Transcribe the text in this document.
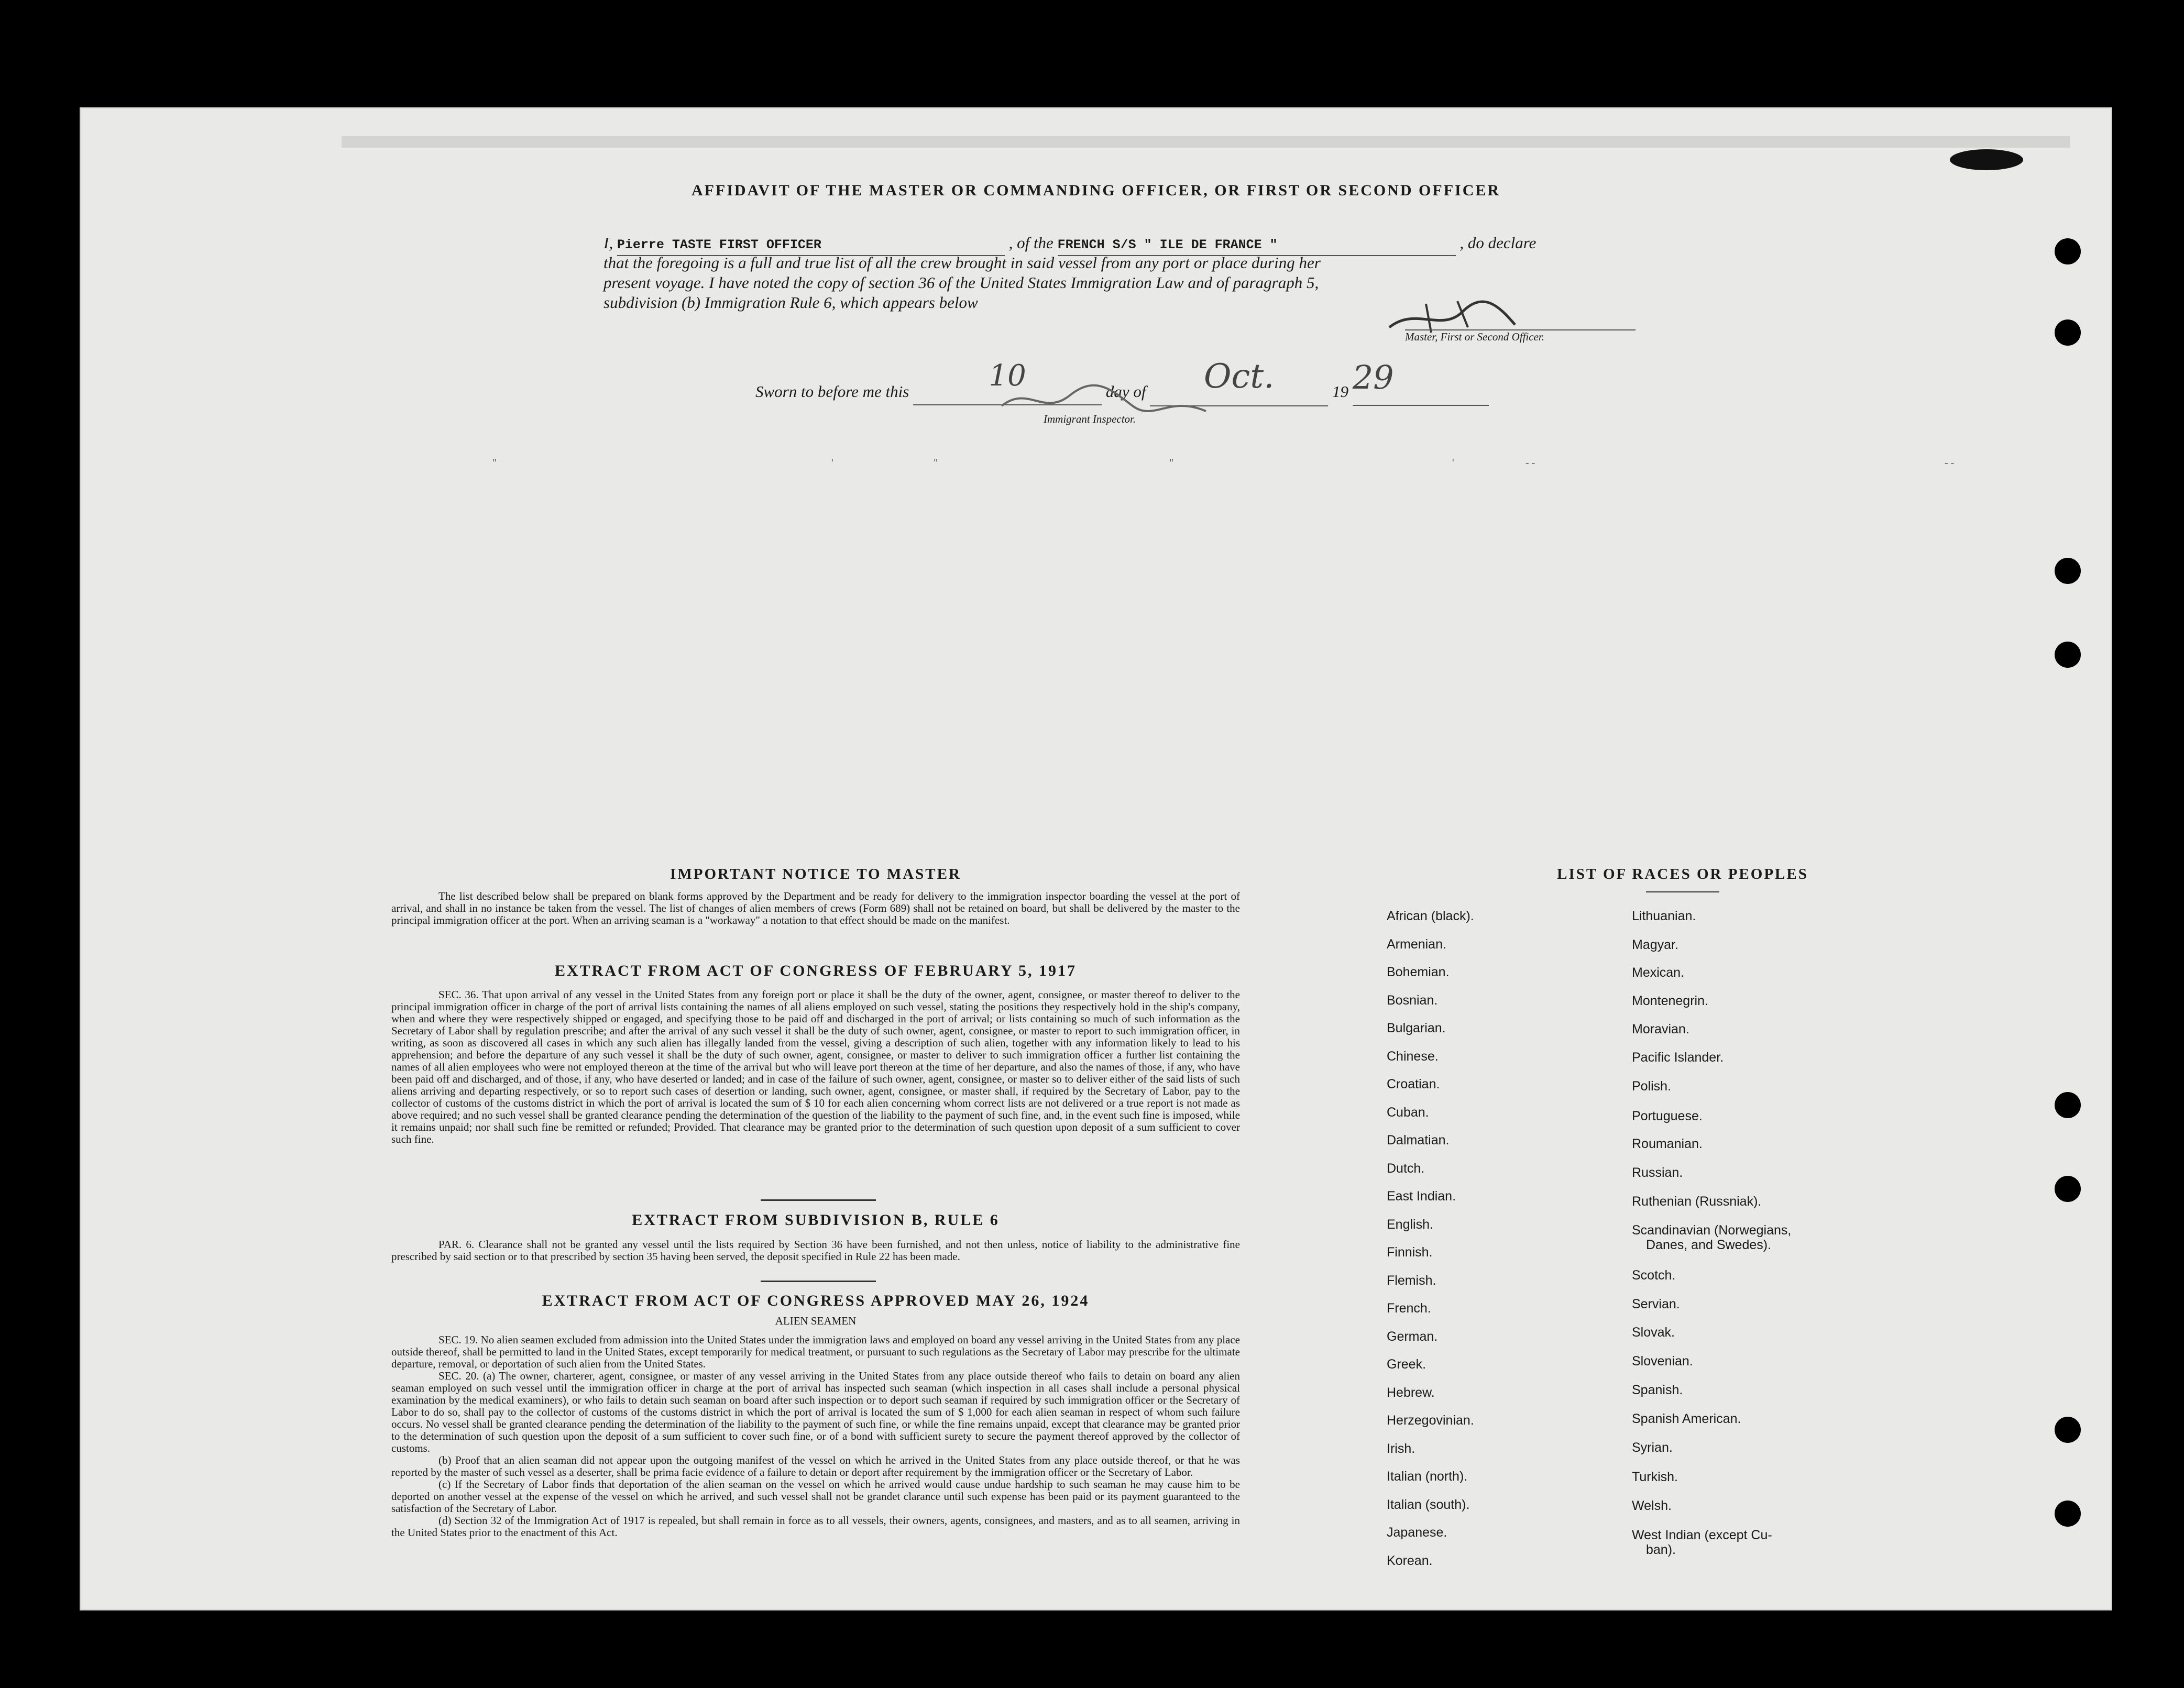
AFFIDAVIT OF THE MASTER OR COMMANDING OFFICER, OR FIRST OR SECOND OFFICER
I, Pierre TASTE FIRST OFFICER	, of the FRENCH S/S " ILE DE FRANCE "	, do declare
that the foregoing is a full and true list of all the crew brought in said vessel from any port or place during her
present voyage. I have noted the copy of section 36 of the United States Immigration Law and of paragraph 5,
subdivision (b) Immigration Rule 6, which appears below
Master, First or Second Officer.
Sworn to before me this	10	day of Oct.	19 29
Immigrant Inspector.
"	'	"	"	'	- -	- -
IMPORTANT NOTICE TO MASTER
The list described below shall be prepared on blank forms approved by the Department and be ready for delivery to the immigration inspector boarding the vessel at the port of arrival, and shall in no instance be taken from the vessel. The list of changes of alien members of crews (Form 689) shall not be retained on board, but shall be delivered by the master to the principal immigration officer at the port. When an arriving seaman is a "workaway" a notation to that effect should be made on the manifest.
EXTRACT FROM ACT OF CONGRESS OF FEBRUARY 5, 1917
SEC. 36. That upon arrival of any vessel in the United States from any foreign port or place it shall be the duty of the owner, agent, consignee, or master thereof to deliver to the principal immigration officer in charge of the port of arrival lists containing the names of all aliens employed on such vessel, stating the positions they respectively hold in the ship's company, when and where they were respectively shipped or engaged, and specifying those to be paid off and discharged in the port of arrival; or lists containing so much of such information as the Secretary of Labor shall by regulation prescribe; and after the arrival of any such vessel it shall be the duty of such owner, agent, consignee, or master to report to such immigration officer, in writing, as soon as discovered all cases in which any such alien has illegally landed from the vessel, giving a description of such alien, together with any information likely to lead to his apprehension; and before the departure of any such vessel it shall be the duty of such owner, agent, consignee, or master to deliver to such immigration officer a further list containing the names of all alien employees who were not employed thereon at the time of the arrival but who will leave port thereon at the time of her departure, and also the names of those, if any, who have been paid off and discharged, and of those, if any, who have deserted or landed; and in case of the failure of such owner, agent, consignee, or master so to deliver either of the said lists of such aliens arriving and departing respectively, or so to report such cases of desertion or landing, such owner, agent, consignee, or master shall, if required by the Secretary of Labor, pay to the collector of customs of the customs district in which the port of arrival is located the sum of $ 10 for each alien concerning whom correct lists are not delivered or a true report is not made as above required; and no such vessel shall be granted clearance pending the determination of the question of the liability to the payment of such fine, and, in the event such fine is imposed, while it remains unpaid; nor shall such fine be remitted or refunded; Provided. That clearance may be granted prior to the determination of such question upon deposit of a sum sufficient to cover such fine.
EXTRACT FROM SUBDIVISION B, RULE 6
PAR. 6. Clearance shall not be granted any vessel until the lists required by Section 36 have been furnished, and not then unless, notice of liability to the administrative fine prescribed by said section or to that prescribed by section 35 having been served, the deposit specified in Rule 22 has been made.
EXTRACT FROM ACT OF CONGRESS APPROVED MAY 26, 1924
ALIEN SEAMEN
SEC. 19. No alien seamen excluded from admission into the United States under the immigration laws and employed on board any vessel arriving in the United States from any place outside thereof, shall be permitted to land in the United States, except temporarily for medical treatment, or pursuant to such regulations as the Secretary of Labor may prescribe for the ultimate departure, removal, or deportation of such alien from the United States.
SEC. 20. (a) The owner, charterer, agent, consignee, or master of any vessel arriving in the United States from any place outside thereof who fails to detain on board any alien seaman employed on such vessel until the immigration officer in charge at the port of arrival has inspected such seaman (which inspection in all cases shall include a personal physical examination by the medical examiners), or who fails to detain such seaman on board after such inspection or to deport such seaman if required by such immigration officer or the Secretary of Labor to do so, shall pay to the collector of customs of the customs district in which the port of arrival is located the sum of $ 1,000 for each alien seaman in respect of whom such failure occurs. No vessel shall be granted clearance pending the determination of the liability to the payment of such fine, or while the fine remains unpaid, except that clearance may be granted prior to the determination of such question upon the deposit of a sum sufficient to cover such fine, or of a bond with sufficient surety to secure the payment thereof approved by the collector of customs.
(b) Proof that an alien seaman did not appear upon the outgoing manifest of the vessel on which he arrived in the United States from any place outside thereof, or that he was reported by the master of such vessel as a deserter, shall be prima facie evidence of a failure to detain or deport after requirement by the immigration officer or the Secretary of Labor.
(c) If the Secretary of Labor finds that deportation of the alien seaman on the vessel on which he arrived would cause undue hardship to such seaman he may cause him to be deported on another vessel at the expense of the vessel on which he arrived, and such vessel shall not be grandet clarance until such expense has been paid or its payment guaranteed to the satisfaction of the Secretary of Labor.
(d) Section 32 of the Immigration Act of 1917 is repealed, but shall remain in force as to all vessels, their owners, agents, consignees, and masters, and as to all seamen, arriving in the United States prior to the enactment of this Act.
LIST OF RACES OR PEOPLES
African (black).
Armenian.
Bohemian.
Bosnian.
Bulgarian.
Chinese.
Croatian.
Cuban.
Dalmatian.
Dutch.
East Indian.
English.
Finnish.
Flemish.
French.
German.
Greek.
Hebrew.
Herzegovinian.
Irish.
Italian (north).
Italian (south).
Japanese.
Korean.
Lithuanian.
Magyar.
Mexican.
Montenegrin.
Moravian.
Pacific Islander.
Polish.
Portuguese.
Roumanian.
Russian.
Ruthenian (Russniak).
Scandinavian (Norwegians,
Danes, and Swedes).
Scotch.
Servian.
Slovak.
Slovenian.
Spanish.
Spanish American.
Syrian.
Turkish.
Welsh.
West Indian (except Cu-
ban).
